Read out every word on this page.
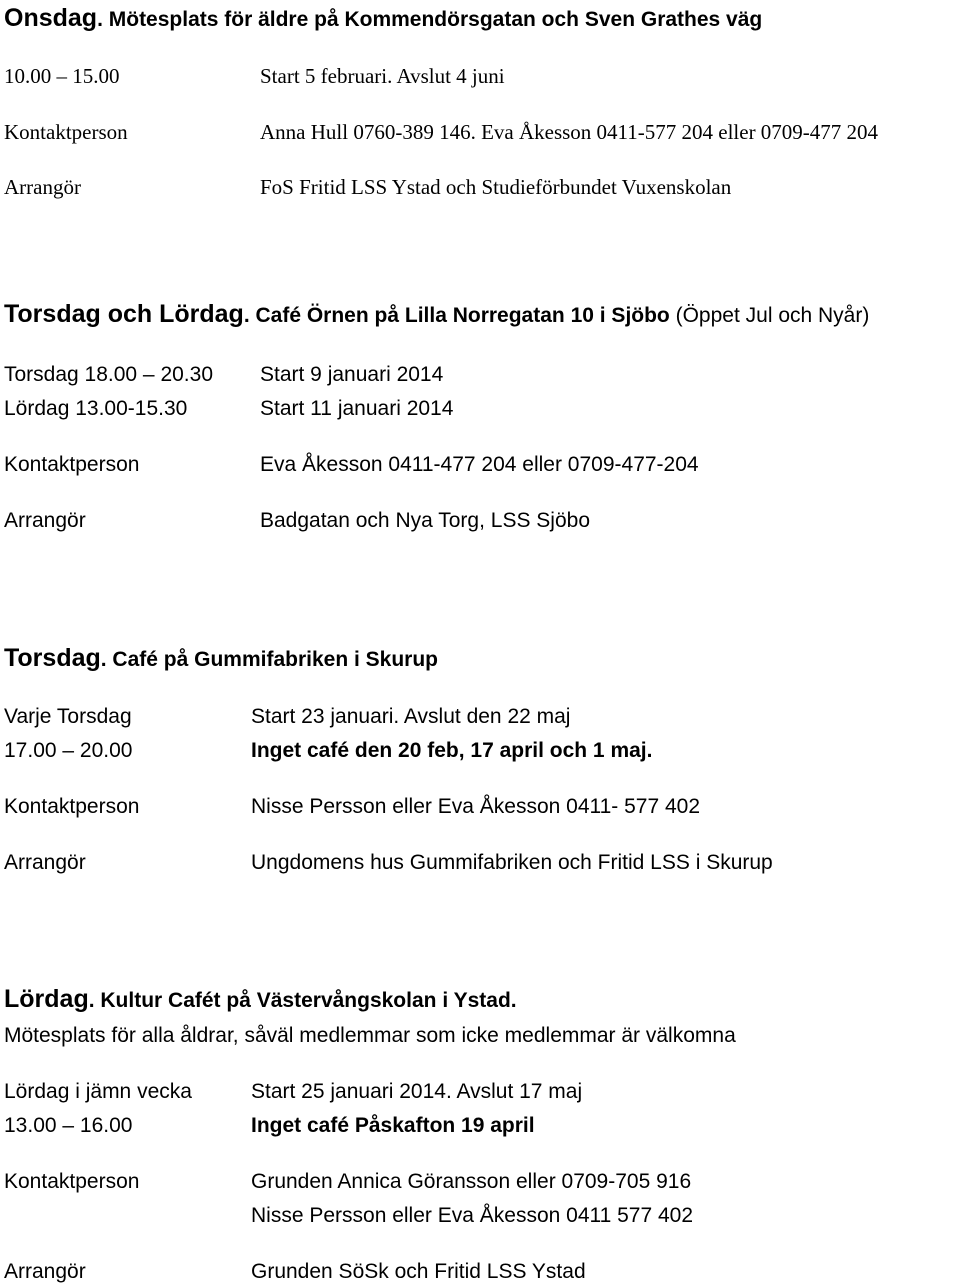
Onsdag. Mötesplats för äldre på Kommendörsgatan och Sven Grathes väg
10.00 – 15.00	Start 5 februari. Avslut 4 juni
Kontaktperson	Anna Hull 0760-389 146. Eva Åkesson 0411-577 204 eller 0709-477 204
Arrangör	FoS Fritid LSS Ystad och Studieförbundet Vuxenskolan
Torsdag och Lördag. Café Örnen på Lilla Norregatan 10 i Sjöbo (Öppet Jul och Nyår)
Torsdag 18.00 – 20.30 Start 9 januari 2014
Lördag 13.00-15.30	Start 11 januari 2014
Kontaktperson	Eva Åkesson 0411-477 204 eller 0709-477-204
Arrangör	Badgatan och Nya Torg, LSS Sjöbo
Torsdag. Café på Gummifabriken i Skurup
Varje Torsdag	Start 23 januari. Avslut den 22 maj
17.00 – 20.00	Inget café den 20 feb, 17 april och 1 maj.
Kontaktperson	Nisse Persson eller Eva Åkesson 0411- 577 402
Arrangör	Ungdomens hus Gummifabriken och Fritid LSS i Skurup
Lördag. Kultur Cafét på Västervångskolan i Ystad.
Mötesplats för alla åldrar, såväl medlemmar som icke medlemmar är välkomna
Lördag i jämn vecka	Start 25 januari 2014. Avslut 17 maj
13.00 – 16.00	Inget café Påskafton 19 april
Kontaktperson	Grunden Annica Göransson eller 0709-705 916
Nisse Persson eller Eva Åkesson 0411 577 402
Arrangör	Grunden SöSk och Fritid LSS Ystad
